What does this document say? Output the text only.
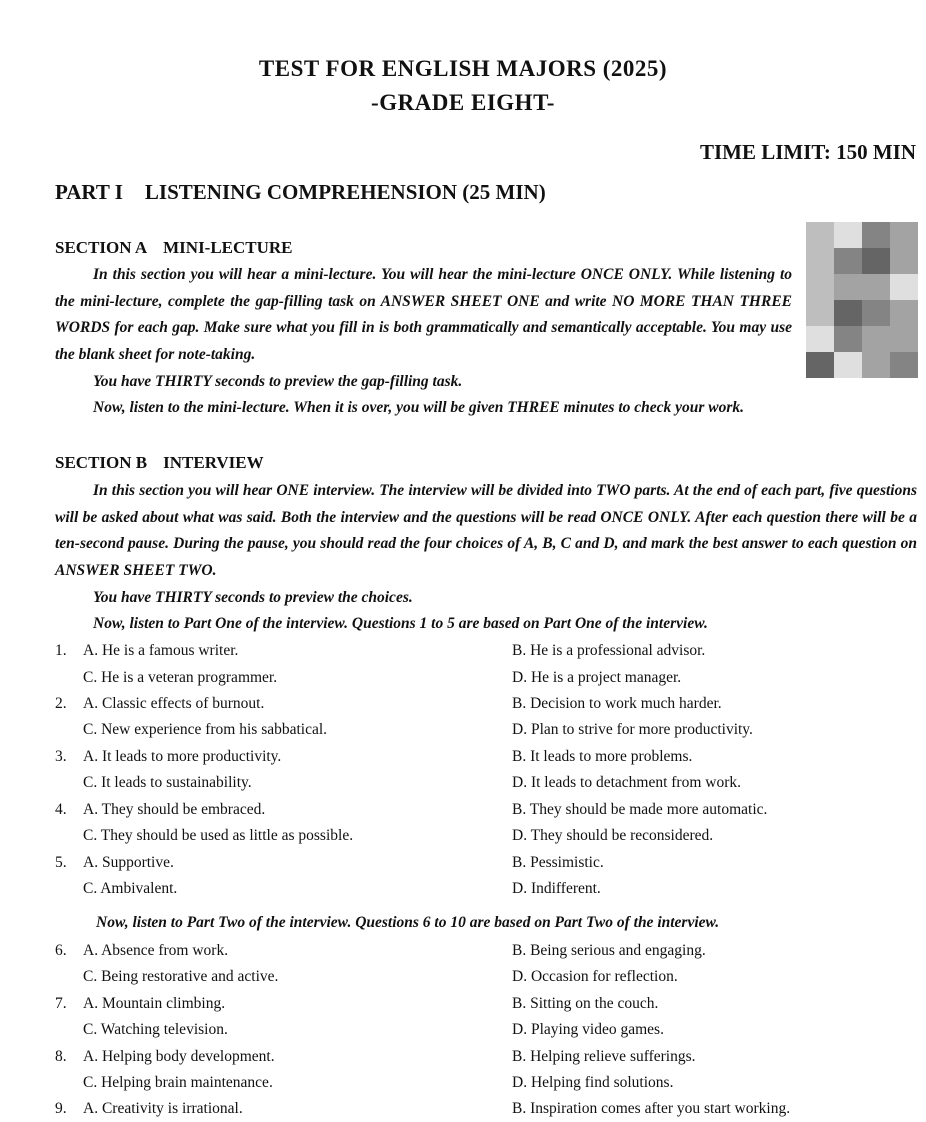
TEST FOR ENGLISH MAJORS (2025)
-GRADE EIGHT-
TIME LIMIT: 150 MIN
PART I LISTENING COMPREHENSION (25 MIN)
SECTION A MINI-LECTURE
In this section you will hear a mini-lecture. You will hear the mini-lecture ONCE ONLY. While listening to the mini-lecture, complete the gap-filling task on ANSWER SHEET ONE and write NO MORE THAN THREE WORDS for each gap. Make sure what you fill in is both grammatically and semantically acceptable. You may use the blank sheet for note-taking.
You have THIRTY seconds to preview the gap-filling task.
Now, listen to the mini-lecture. When it is over, you will be given THREE minutes to check your work.
SECTION B INTERVIEW
In this section you will hear ONE interview. The interview will be divided into TWO parts. At the end of each part, five questions will be asked about what was said. Both the interview and the questions will be read ONCE ONLY. After each question there will be a ten-second pause. During the pause, you should read the four choices of A, B, C and D, and mark the best answer to each question on ANSWER SHEET TWO.
You have THIRTY seconds to preview the choices.
Now, listen to Part One of the interview. Questions 1 to 5 are based on Part One of the interview.
1. A. He is a famous writer.	B. He is a professional advisor.
C. He is a veteran programmer.	D. He is a project manager.
2. A. Classic effects of burnout.	B. Decision to work much harder.
C. New experience from his sabbatical.	D. Plan to strive for more productivity.
3. A. It leads to more productivity.	B. It leads to more problems.
C. It leads to sustainability.	D. It leads to detachment from work.
4. A. They should be embraced.	B. They should be made more automatic.
C. They should be used as little as possible.	D. They should be reconsidered.
5. A. Supportive.	B. Pessimistic.
C. Ambivalent.	D. Indifferent.
Now, listen to Part Two of the interview. Questions 6 to 10 are based on Part Two of the interview.
6. A. Absence from work.	B. Being serious and engaging.
C. Being restorative and active.	D. Occasion for reflection.
7. A. Mountain climbing.	B. Sitting on the couch.
C. Watching television.	D. Playing video games.
8. A. Helping body development.	B. Helping relieve sufferings.
C. Helping brain maintenance.	D. Helping find solutions.
9. A. Creativity is irrational.	B. Inspiration comes after you start working.
